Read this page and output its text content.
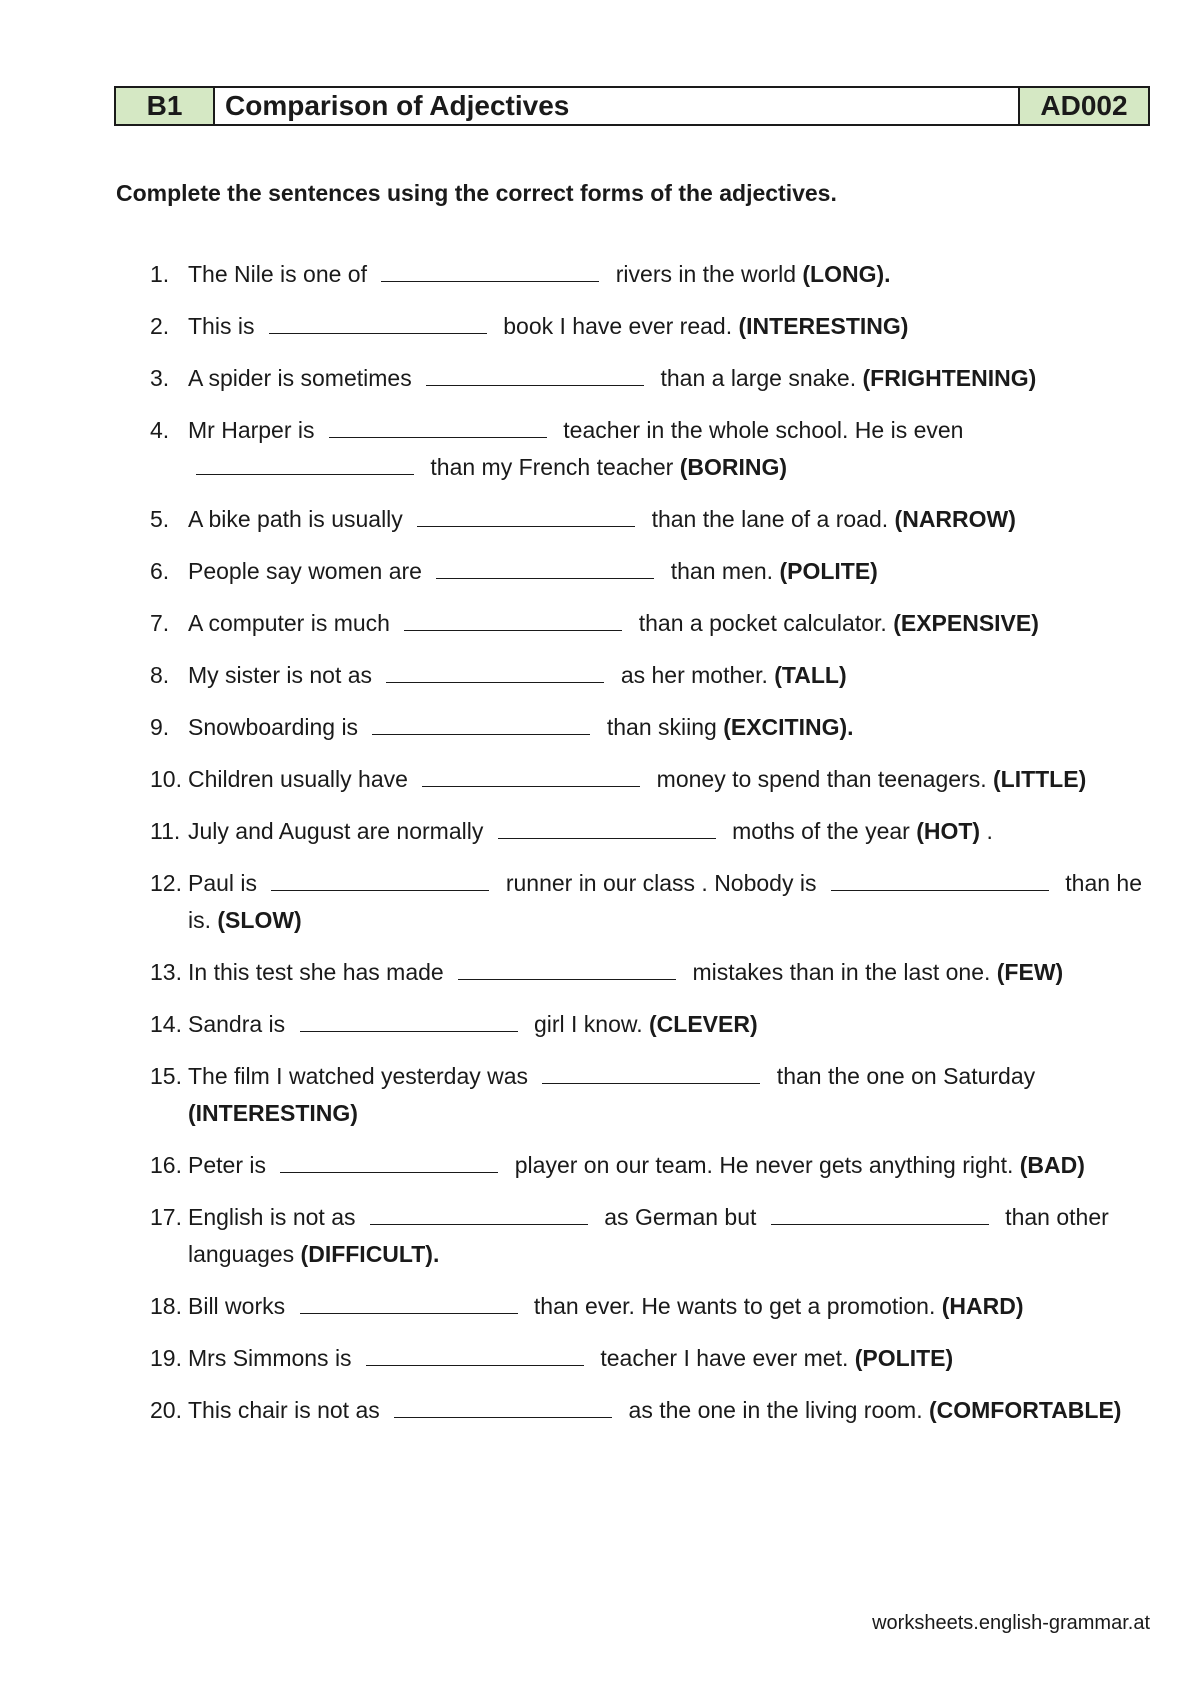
B1	Comparison of Adjectives	AD002
Complete the sentences using the correct forms of the adjectives.
1. The Nile is one of	rivers in the world (LONG).
2. This is	book I have ever read. (INTERESTING)
3. A spider is sometimes	than a large snake. (FRIGHTENING)
4. Mr Harper is	teacher in the whole school. He is even  than my French teacher (BORING)
5. A bike path is usually	than the lane of a road. (NARROW)
6. People say women are	than men. (POLITE)
7. A computer is much	than a pocket calculator. (EXPENSIVE)
8. My sister is not as	as her mother. (TALL)
9. Snowboarding is	than skiing (EXCITING).
10. Children usually have	money to spend than teenagers. (LITTLE)
11. July and August are normally	moths of the year (HOT) .
12. Paul is	runner in our class . Nobody is	than he is. (SLOW)
13. In this test she has made	mistakes than in the last one. (FEW)
14. Sandra is	girl I know. (CLEVER)
15. The film I watched yesterday was	than the one on Saturday (INTERESTING)
16. Peter is	player on our team. He never gets anything right. (BAD)
17. English is not as	as German but	than other languages (DIFFICULT).
18. Bill works	than ever. He wants to get a promotion. (HARD)
19. Mrs Simmons is	teacher I have ever met. (POLITE)
20. This chair is not as	as the one in the living room. (COMFORTABLE)
worksheets.english-grammar.at
